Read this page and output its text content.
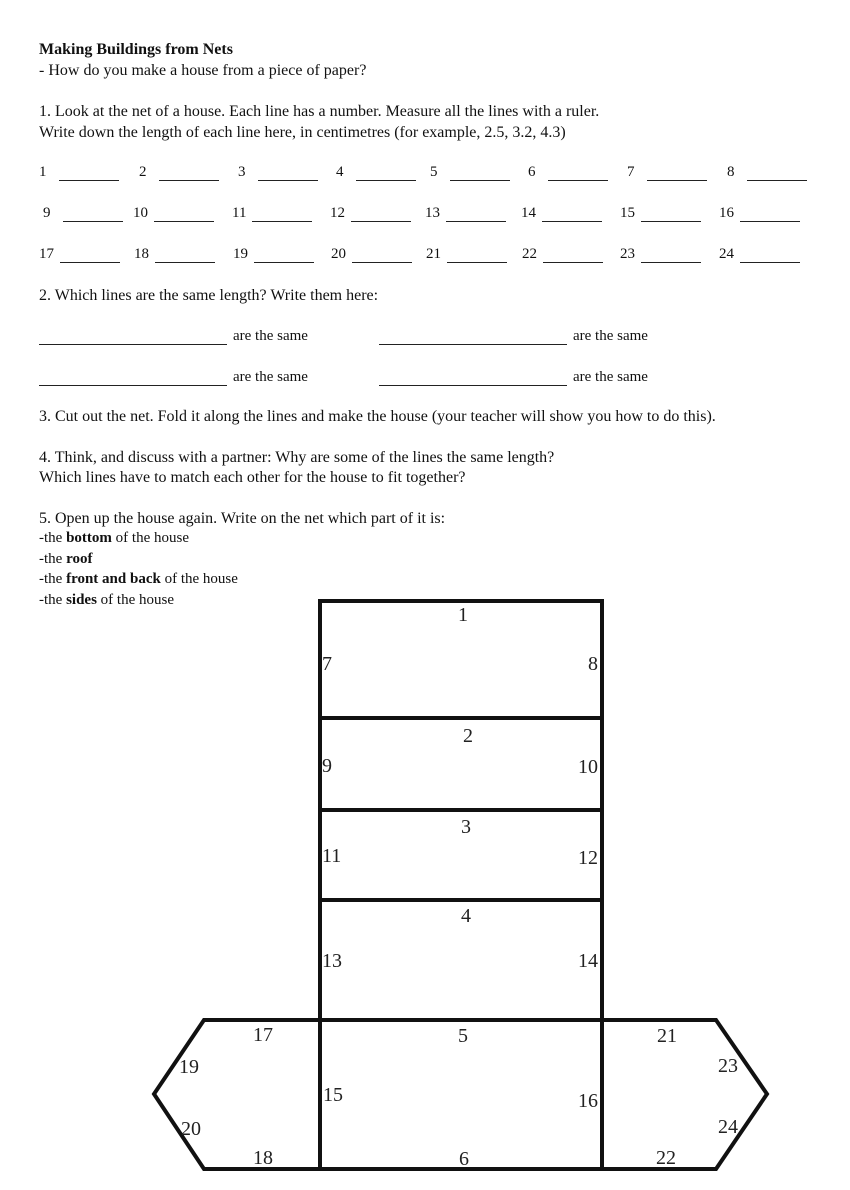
Making Buildings from Nets
- How do you make a house from a piece of paper?
1. Look at the net of a house. Each line has a number. Measure all the lines with a ruler.
Write down the length of each line here, in centimetres (for example, 2.5, 3.2, 4.3)
1	2	3	4	5	6	7	8
9	10	11	12	13	14	15	16
17	18	19	20	21	22	23	24
2. Which lines are the same length? Write them here:
are the same	are the same
are the same	are the same
3. Cut out the net. Fold it along the lines and make the house (your teacher will show you how to do this).
4. Think, and discuss with a partner: Why are some of the lines the same length?
Which lines have to match each other for the house to fit together?
5. Open up the house again. Write on the net which part of it is:
-the bottom of the house
-the roof
-the front and back of the house
-the sides of the house
1
2
3
4
5
6
7	8
9	10
11	12
13	14
15	16
17
18
19
20
21
22
23
24
